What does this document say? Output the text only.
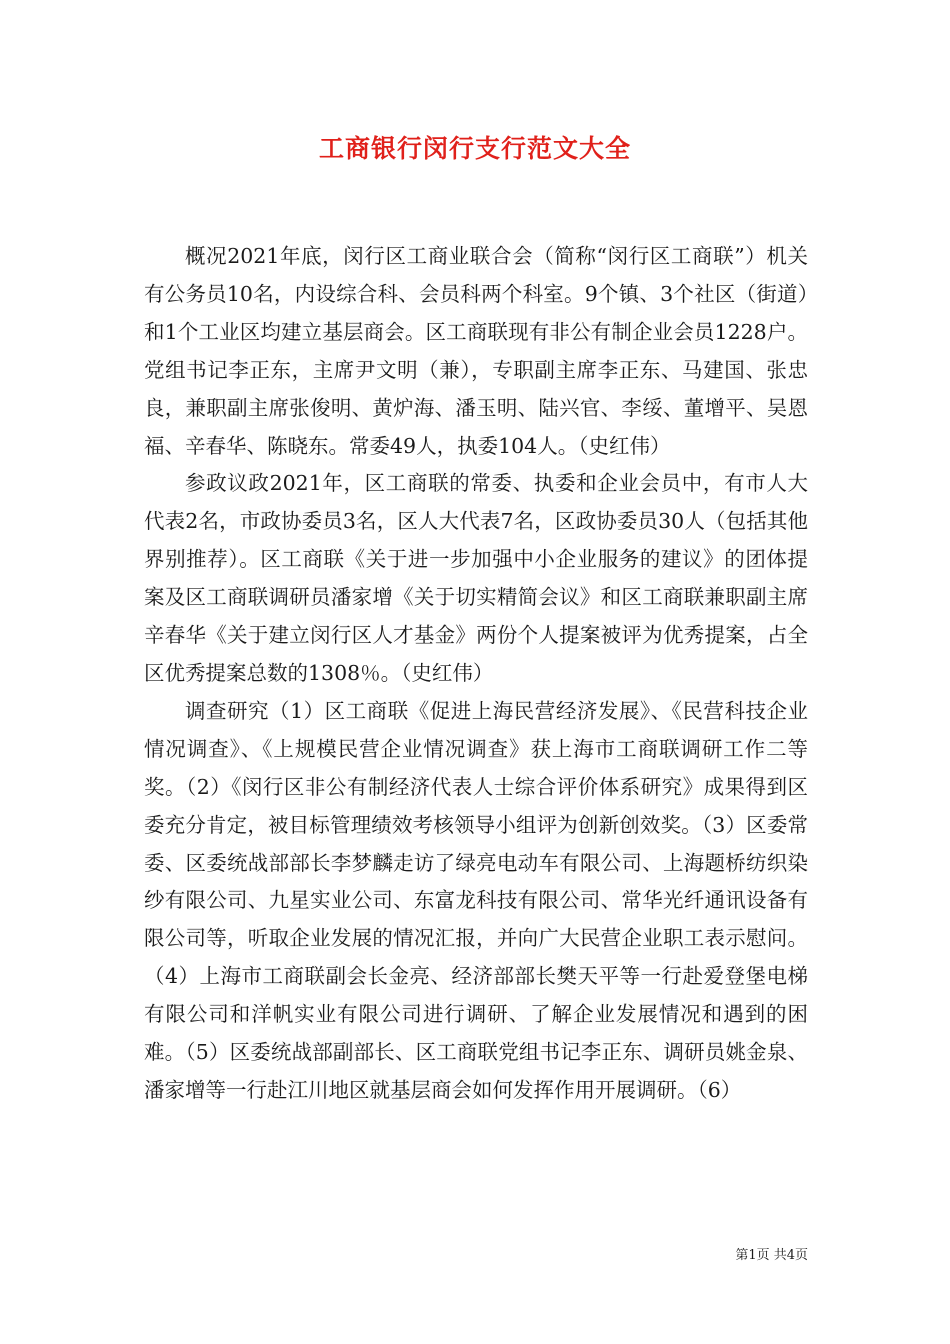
工商银行闵行支行范文大全

概况2021年底，闵行区工商业联合会（简称“闵行区工商联”）机关有公务员10名，内设综合科、会员科两个科室。9个镇、3个社区（街道）和1个工业区均建立基层商会。区工商联现有非公有制企业会员1228户。党组书记李正东，主席尹文明（兼），专职副主席李正东、马建国、张忠良，兼职副主席张俊明、黄炉海、潘玉明、陆兴官、李绥、董增平、吴恩福、辛春华、陈晓东。常委49人，执委104人。（史红伟）

参政议政2021年，区工商联的常委、执委和企业会员中，有市人大代表2名，市政协委员3名，区人大代表7名，区政协委员30人（包括其他界别推荐）。区工商联《关于进一步加强中小企业服务的建议》的团体提案及区工商联调研员潘家增《关于切实精简会议》和区工商联兼职副主席辛春华《关于建立闵行区人才基金》两份个人提案被评为优秀提案，占全区优秀提案总数的1308％。（史红伟）

调查研究（1）区工商联《促进上海民营经济发展》、《民营科技企业情况调查》、《上规模民营企业情况调查》获上海市工商联调研工作二等奖。（2）《闵行区非公有制经济代表人士综合评价体系研究》成果得到区委充分肯定，被目标管理绩效考核领导小组评为创新创效奖。（3）区委常委、区委统战部部长李梦麟走访了绿亮电动车有限公司、上海题桥纺织染纱有限公司、九星实业公司、东富龙科技有限公司、常华光纤通讯设备有限公司等，听取企业发展的情况汇报，并向广大民营企业职工表示慰问。（4）上海市工商联副会长金亮、经济部部长樊天平等一行赴爱登堡电梯有限公司和洋帆实业有限公司进行调研、了解企业发展情况和遇到的困难。（5）区委统战部副部长、区工商联党组书记李正东、调研员姚金泉、潘家增等一行赴江川地区就基层商会如何发挥作用开展调研。（6）

第1页 共4页
